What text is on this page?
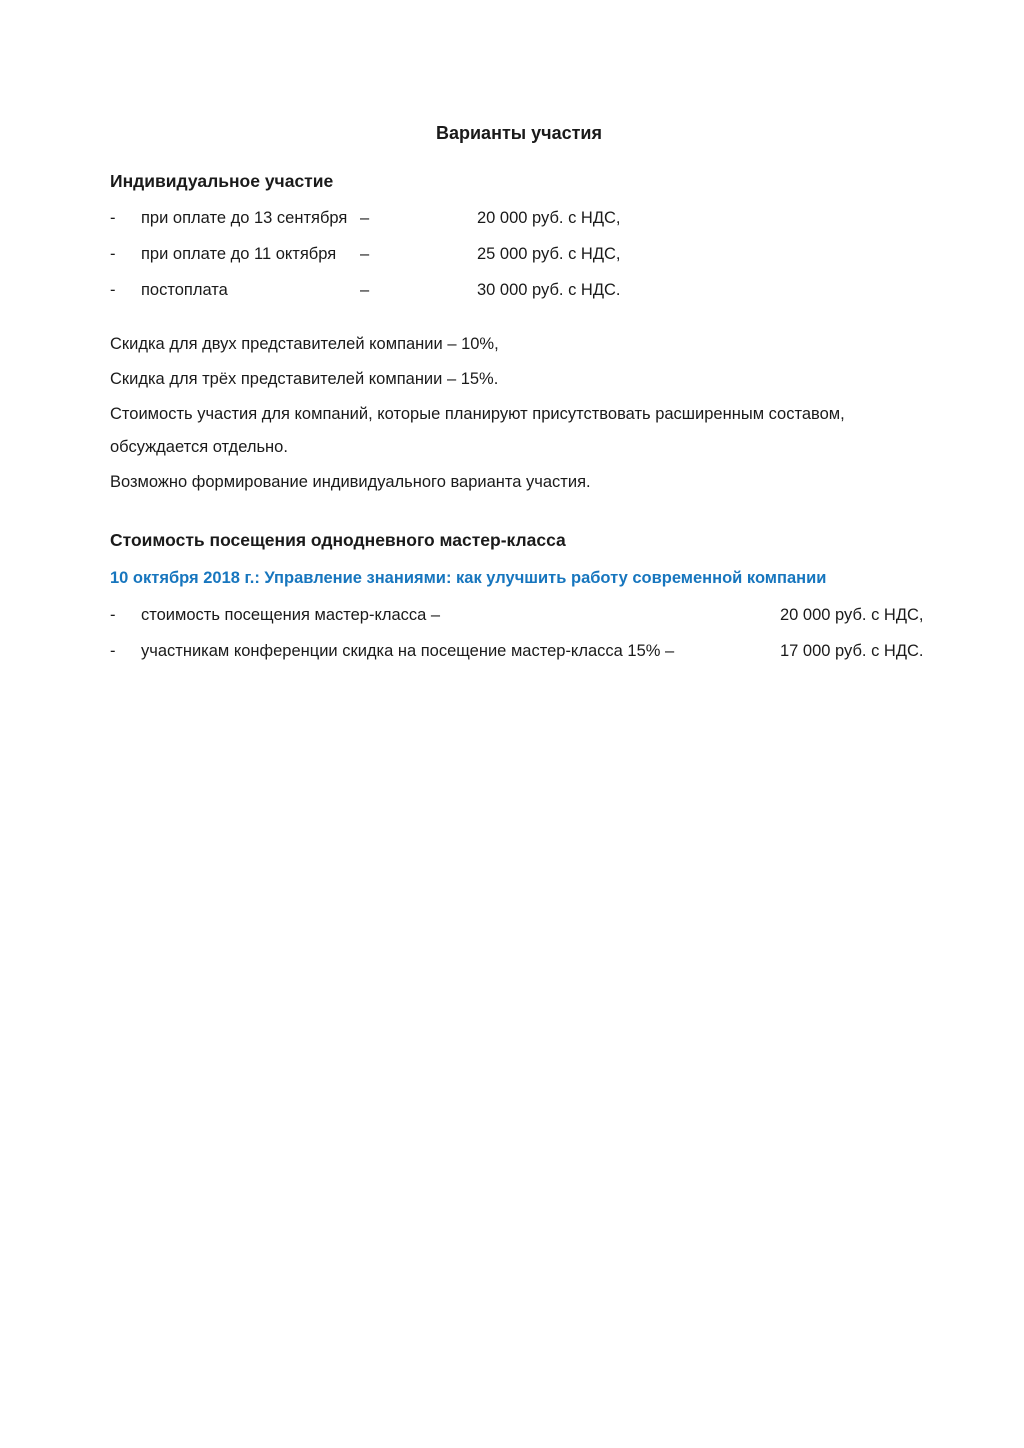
Варианты участия
Индивидуальное участие
-	при оплате до 13 сентября –	20 000 руб. с НДС,
-	при оплате до 11 октября	–	25 000 руб. с НДС,
-	постоплата	–	30 000 руб. с НДС.

Скидка для двух представителей компании – 10%,

Скидка для трёх представителей компании – 15%.

Стоимость участия для компаний, которые планируют присутствовать расширенным составом, обсуждается отдельно.

Возможно формирование индивидуального варианта участия.

Стоимость посещения однодневного мастер-класса
10 октября 2018 г.: Управление знаниями: как улучшить работу современной компании
-	стоимость посещения мастер-класса –	20 000 руб. с НДС,
-	участникам конференции скидка на посещение мастер-класса 15% –	17 000 руб. с НДС.
